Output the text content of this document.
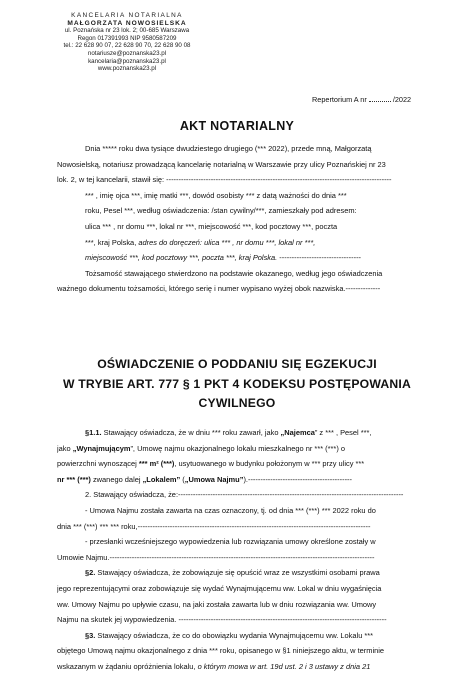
KANCELARIA NOTARIALNA
MAŁGORZATA NOWOSIELSKA
ul. Poznańska nr 23 lok. 2; 00-685 Warszawa
Regon 017391993 NIP 9580587209
tel.: 22 628 90 07, 22 628 90 70, 22 628 90 08
notariusze@poznanska23.pl
kancelaria@poznanska23.pl
www.poznanska23.pl
Repertorium A nr	/2022
AKT NOTARIALNY
Dnia ***** roku dwa tysiące dwudziestego drugiego (*** 2022), przede mną, Małgorzatą
Nowosielską, notariusz prowadzącą kancelarię notarialną w Warszawie przy ulicy Poznańskiej nr 23
lok. 2, w tej kancelarii, stawił się: -------------------------------------------------------------------------------------------
*** , imię ojca ***, imię matki ***, dowód osobisty *** z datą ważności do dnia ***
roku, Pesel ***, według oświadczenia: /stan cywilny/***, zamieszkały pod adresem:
ulica *** , nr domu ***, lokal nr ***, miejscowość ***, kod pocztowy ***, poczta
***, kraj Polska, adres do doręczeń: ulica *** , nr domu ***, lokal nr ***,
miejscowość ***, kod pocztowy ***, poczta ***, kraj Polska. ---------------------------------
Tożsamość stawającego stwierdzono na podstawie okazanego, według jego oświadczenia
ważnego dokumentu tożsamości, którego serię i numer wypisano wyżej obok nazwiska.--------------
OŚWIADCZENIE O PODDANIU SIĘ EGZEKUCJI
W TRYBIE ART. 777 § 1 PKT 4 KODEKSU POSTĘPOWANIA
CYWILNEGO
§1.1. Stawający oświadcza, że w dniu *** roku zawarł, jako „Najemca” z *** , Pesel ***,
jako „Wynajmującym”, Umowę najmu okazjonalnego lokalu mieszkalnego nr *** (***) o
powierzchni wynoszącej *** m² (***), usytuowanego w budynku położonym w *** przy ulicy ***
nr *** (***) zwanego dalej „Lokalem” („Umowa Najmu”).------------------------------------------
2. Stawający oświadcza, że:-------------------------------------------------------------------------------------------
- Umowa Najmu została zawarta na czas oznaczony, tj. od dnia *** (***) *** 2022 roku do
dnia *** (***) *** *** roku,----------------------------------------------------------------------------------------------
- przesłanki wcześniejszego wypowiedzenia lub rozwiązania umowy określone zostały w
Umowie Najmu.-----------------------------------------------------------------------------------------------------------
§2. Stawający oświadcza, że zobowiązuje się opuścić wraz ze wszystkimi osobami prawa
jego reprezentującymi oraz zobowiązuje się wydać Wynajmującemu ww. Lokal w dniu wygaśnięcia
ww. Umowy Najmu po upływie czasu, na jaki została zawarta lub w dniu rozwiązania ww. Umowy
Najmu na skutek jej wypowiedzenia. ------------------------------------------------------------------------------------
§3. Stawający oświadcza, że co do obowiązku wydania Wynajmującemu ww. Lokalu ***
objętego Umową najmu okazjonalnego z dnia *** roku, opisanego w §1 niniejszego aktu, w terminie
wskazanym w żądaniu opróżnienia lokalu, o którym mowa w art. 19d ust. 2 i 3 ustawy z dnia 21
